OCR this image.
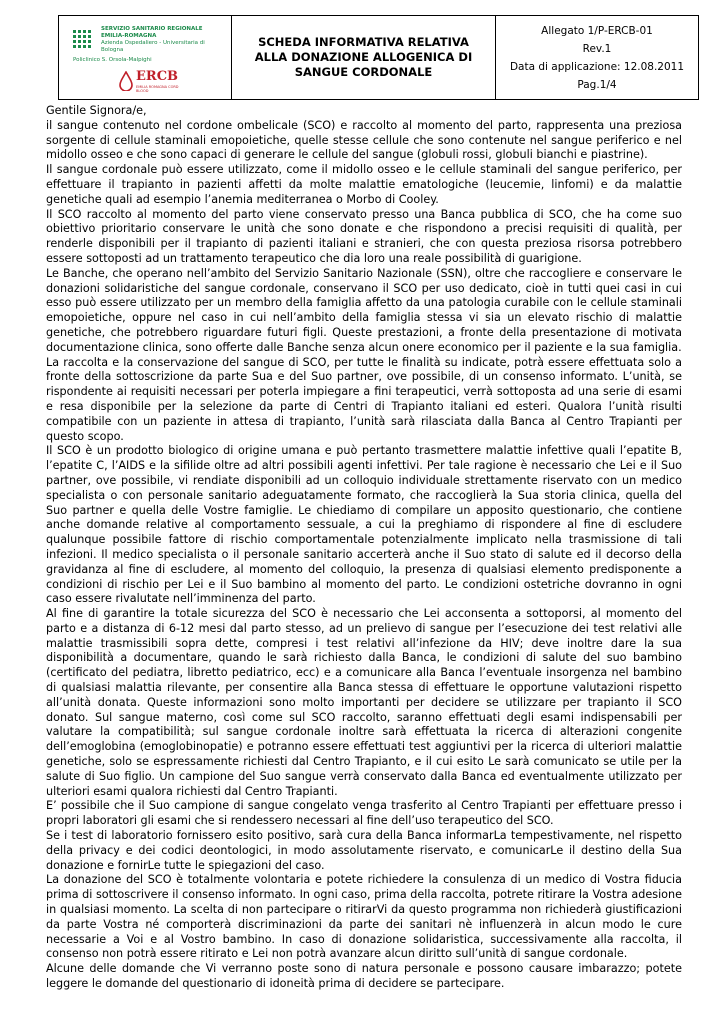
SERVIZIO SANITARIO REGIONALE
EMILIA-ROMAGNA
Azienda Ospedaliero - Universitaria di Bologna
Policlinico S. Orsola-Malpighi
ERCB
EMILIA ROMAGNA CORD BLOOD
SCHEDA INFORMATIVA RELATIVA ALLA DONAZIONE ALLOGENICA DI SANGUE CORDONALE
Allegato 1/P-ERCB-01
Rev.1
Data di applicazione: 12.08.2011
Pag.1/4

Gentile Signora/e,

il sangue contenuto nel cordone ombelicale (SCO) e raccolto al momento del parto, rappresenta una preziosa sorgente di cellule staminali emopoietiche, quelle stesse cellule che sono contenute nel sangue periferico e nel midollo osseo e che sono capaci di generare le cellule del sangue (globuli rossi, globuli bianchi e piastrine).

Il sangue cordonale può essere utilizzato, come il midollo osseo e le cellule staminali del sangue periferico, per effettuare il trapianto in pazienti affetti da molte malattie ematologiche (leucemie, linfomi) e da malattie genetiche quali ad esempio l’anemia mediterranea o Morbo di Cooley.

Il SCO raccolto al momento del parto viene conservato presso una Banca pubblica di SCO, che ha come suo obiettivo prioritario conservare le unità che sono donate e che rispondono a precisi requisiti di qualità, per renderle disponibili per il trapianto di pazienti italiani e stranieri, che con questa preziosa risorsa potrebbero essere sottoposti ad un trattamento terapeutico che dia loro una reale possibilità di guarigione.

Le Banche, che operano nell’ambito del Servizio Sanitario Nazionale (SSN), oltre che raccogliere e conservare le donazioni solidaristiche del sangue cordonale, conservano il SCO per uso dedicato, cioè in tutti quei casi in cui esso può essere utilizzato per un membro della famiglia affetto da una patologia curabile con le cellule staminali emopoietiche, oppure nel caso in cui nell’ambito della famiglia stessa vi sia un elevato rischio di malattie genetiche, che potrebbero riguardare futuri figli. Queste prestazioni, a fronte della presentazione di motivata documentazione clinica, sono offerte dalle Banche senza alcun onere economico per il paziente e la sua famiglia.

La raccolta e la conservazione del sangue di SCO, per tutte le finalità su indicate, potrà essere effettuata solo a fronte della sottoscrizione da parte Sua e del Suo partner, ove possibile, di un consenso informato. L’unità, se rispondente ai requisiti necessari per poterla impiegare a fini terapeutici, verrà sottoposta ad una serie di esami e resa disponibile per la selezione da parte di Centri di Trapianto italiani ed esteri. Qualora l’unità risulti compatibile con un paziente in attesa di trapianto, l’unità sarà rilasciata dalla Banca al Centro Trapianti per questo scopo.

Il SCO è un prodotto biologico di origine umana e può pertanto trasmettere malattie infettive quali l’epatite B, l’epatite C, l’AIDS e la sifilide oltre ad altri possibili agenti infettivi. Per tale ragione è necessario che Lei e il Suo partner, ove possibile, vi rendiate disponibili ad un colloquio individuale strettamente riservato con un medico specialista o con personale sanitario adeguatamente formato, che raccoglierà la Sua storia clinica, quella del Suo partner e quella delle Vostre famiglie. Le chiediamo di compilare un apposito questionario, che contiene anche domande relative al comportamento sessuale, a cui la preghiamo di rispondere al fine di escludere qualunque possibile fattore di rischio comportamentale potenzialmente implicato nella trasmissione di tali infezioni. Il medico specialista o il personale sanitario accerterà anche il Suo stato di salute ed il decorso della gravidanza al fine di escludere, al momento del colloquio, la presenza di qualsiasi elemento predisponente a condizioni di rischio per Lei e il Suo bambino al momento del parto. Le condizioni ostetriche dovranno in ogni caso essere rivalutate nell’imminenza del parto.

Al fine di garantire la totale sicurezza del SCO è necessario che Lei acconsenta a sottoporsi, al momento del parto e a distanza di 6-12 mesi dal parto stesso, ad un prelievo di sangue per l’esecuzione dei test relativi alle malattie trasmissibili sopra dette, compresi i test relativi all’infezione da HIV; deve inoltre dare la sua disponibilità a documentare, quando le sarà richiesto dalla Banca, le condizioni di salute del suo bambino (certificato del pediatra, libretto pediatrico, ecc) e a comunicare alla Banca l’eventuale insorgenza nel bambino di qualsiasi malattia rilevante, per consentire alla Banca stessa di effettuare le opportune valutazioni rispetto all’unità donata. Queste informazioni sono molto importanti per decidere se utilizzare per trapianto il SCO donato. Sul sangue materno, così come sul SCO raccolto, saranno effettuati degli esami indispensabili per valutare la compatibilità; sul sangue cordonale inoltre sarà effettuata la ricerca di alterazioni congenite dell’emoglobina (emoglobinopatie) e potranno essere effettuati test aggiuntivi per la ricerca di ulteriori malattie genetiche, solo se espressamente richiesti dal Centro Trapianto, e il cui esito Le sarà comunicato se utile per la salute di Suo figlio. Un campione del Suo sangue verrà conservato dalla Banca ed eventualmente utilizzato per ulteriori esami qualora richiesti dal Centro Trapianti.

E’ possibile che il Suo campione di sangue congelato venga trasferito al Centro Trapianti per effettuare presso i propri laboratori gli esami che si rendessero necessari al fine dell’uso terapeutico del SCO.

Se i test di laboratorio fornissero esito positivo, sarà cura della Banca informarLa tempestivamente, nel rispetto della privacy e dei codici deontologici, in modo assolutamente riservato, e comunicarLe il destino della Sua donazione e fornirLe tutte le spiegazioni del caso.

La donazione del SCO è totalmente volontaria e potete richiedere la consulenza di un medico di Vostra fiducia prima di sottoscrivere il consenso informato. In ogni caso, prima della raccolta, potrete ritirare la Vostra adesione in qualsiasi momento. La scelta di non partecipare o ritirarVi da questo programma non richiederà giustificazioni da parte Vostra né comporterà discriminazioni da parte dei sanitari nè influenzerà in alcun modo le cure necessarie a Voi e al Vostro bambino. In caso di donazione solidaristica, successivamente alla raccolta, il consenso non potrà essere ritirato e Lei non potrà avanzare alcun diritto sull’unità di sangue cordonale.

Alcune delle domande che Vi verranno poste sono di natura personale e possono causare imbarazzo; potete leggere le domande del questionario di idoneità prima di decidere se partecipare.
